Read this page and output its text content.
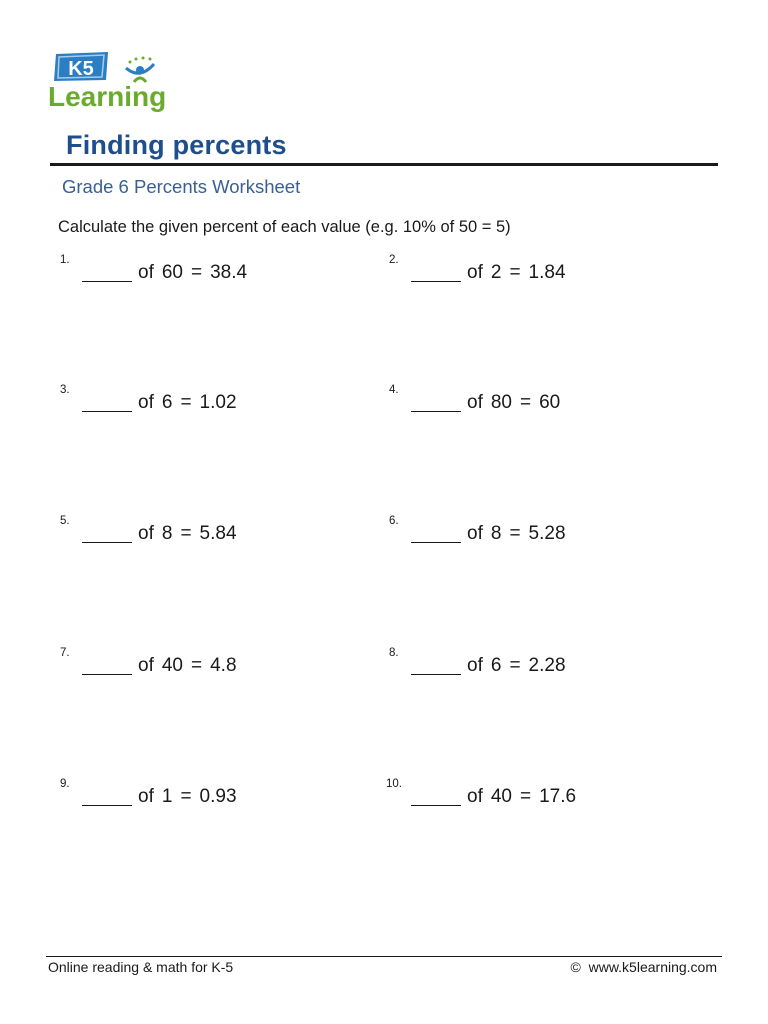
K5
Learning
Finding percents
Grade 6 Percents Worksheet
Calculate the given percent of each value (e.g. 10% of 50 = 5)
1.
of 60 = 38.4
2.
of 2 = 1.84
3.
of 6 = 1.02
4.
of 80 = 60
5.
of 8 = 5.84
6.
of 8 = 5.28
7.
of 40 = 4.8
8.
of 6 = 2.28
9.
of 1 = 0.93
10.
of 40 = 17.6
Online reading & math for K-5	© www.k5learning.com
